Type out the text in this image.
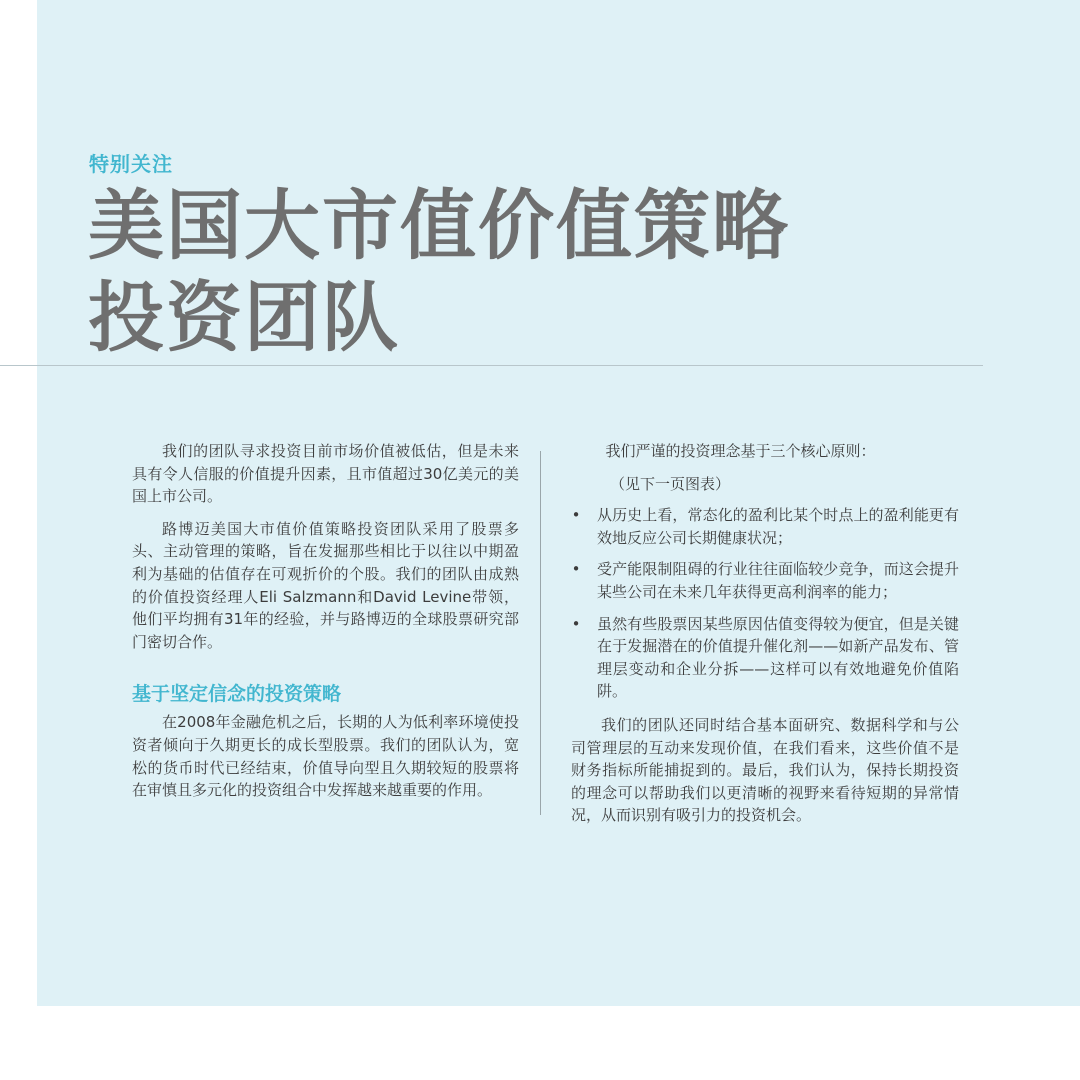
特别关注
美国大市值价值策略
投资团队

我们的团队寻求投资目前市场价值被低估，但是未来具有令人信服的价值提升因素，且市值超过30亿美元的美国上市公司。

路博迈美国大市值价值策略投资团队采用了股票多头、主动管理的策略，旨在发掘那些相比于以往以中期盈利为基础的估值存在可观折价的个股。我们的团队由成熟的价值投资经理人Eli Salzmann和David Levine带领，他们平均拥有31年的经验，并与路博迈的全球股票研究部门密切合作。

基于坚定信念的投资策略

在2008年金融危机之后，长期的人为低利率环境使投资者倾向于久期更长的成长型股票。我们的团队认为，宽松的货币时代已经结束，价值导向型且久期较短的股票将在审慎且多元化的投资组合中发挥越来越重要的作用。

我们严谨的投资理念基于三个核心原则：

（见下一页图表）

• 从历史上看，常态化的盈利比某个时点上的盈利能更有效地反应公司长期健康状况；
• 受产能限制阻碍的行业往往面临较少竞争，而这会提升某些公司在未来几年获得更高利润率的能力；
• 虽然有些股票因某些原因估值变得较为便宜，但是关键在于发掘潜在的价值提升催化剂——如新产品发布、管理层变动和企业分拆——这样可以有效地避免价值陷阱。

我们的团队还同时结合基本面研究、数据科学和与公司管理层的互动来发现价值，在我们看来，这些价值不是财务指标所能捕捉到的。最后，我们认为，保持长期投资的理念可以帮助我们以更清晰的视野来看待短期的异常情况，从而识别有吸引力的投资机会。
